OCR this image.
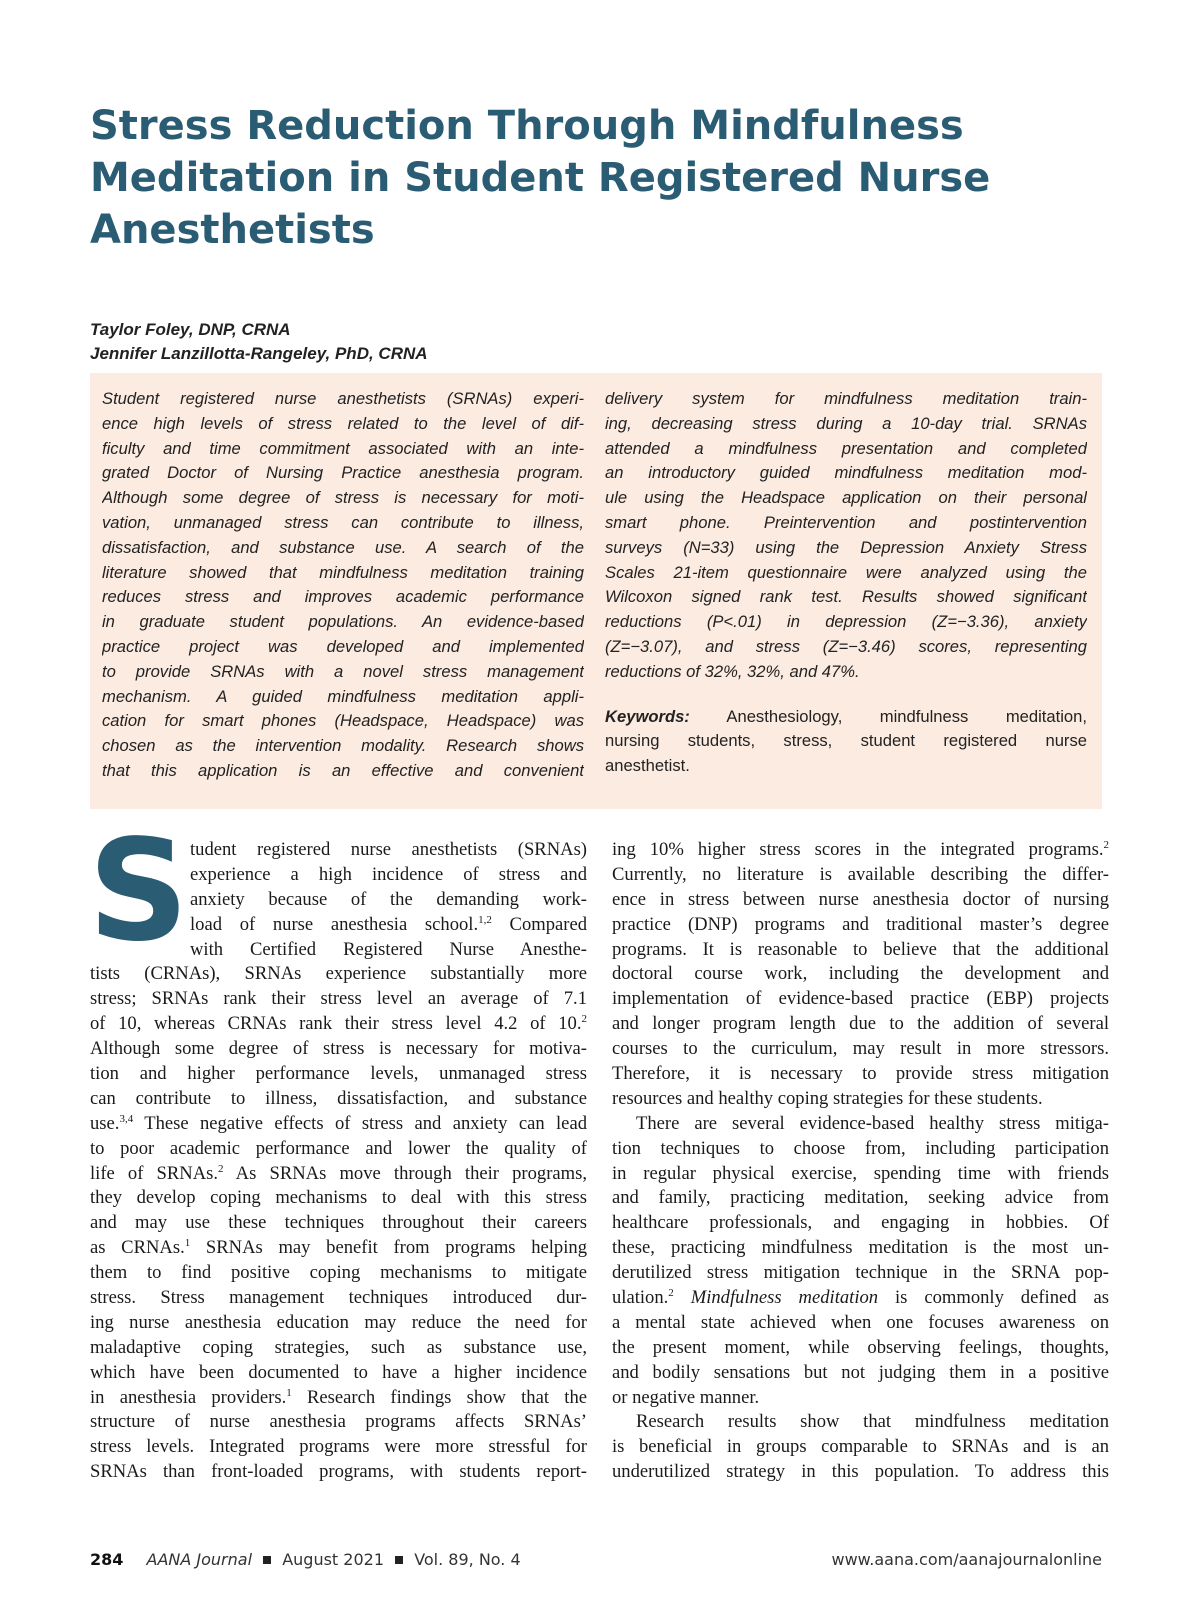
Stress Reduction Through Mindfulness
Meditation in Student Registered Nurse
Anesthetists
Taylor Foley, DNP, CRNA
Jennifer Lanzillotta-Rangeley, PhD, CRNA
Student registered nurse anesthetists (SRNAs) experi-
ence high levels of stress related to the level of dif-
ficulty and time commitment associated with an inte-
grated Doctor of Nursing Practice anesthesia program.
Although some degree of stress is necessary for moti-
vation, unmanaged stress can contribute to illness,
dissatisfaction, and substance use. A search of the
literature showed that mindfulness meditation training
reduces stress and improves academic performance
in graduate student populations. An evidence-based
practice project was developed and implemented
to provide SRNAs with a novel stress management
mechanism. A guided mindfulness meditation appli-
cation for smart phones (Headspace, Headspace) was
chosen as the intervention modality. Research shows
that this application is an effective and convenient
delivery system for mindfulness meditation train-
ing, decreasing stress during a 10-day trial. SRNAs
attended a mindfulness presentation and completed
an introductory guided mindfulness meditation mod-
ule using the Headspace application on their personal
smart phone. Preintervention and postintervention
surveys (N=33) using the Depression Anxiety Stress
Scales 21-item questionnaire were analyzed using the
Wilcoxon signed rank test. Results showed significant
reductions (P<.01) in depression (Z=−3.36), anxiety
(Z=−3.07), and stress (Z=−3.46) scores, representing
reductions of 32%, 32%, and 47%.
Keywords: Anesthesiology, mindfulness meditation,
nursing students, stress, student registered nurse
anesthetist.
S tudent registered nurse anesthetists (SRNAs)
experience a high incidence of stress and
anxiety because of the demanding work-
load of nurse anesthesia school.$^{1,2}$ Compared
with Certified Registered Nurse Anesthe-
tists (CRNAs), SRNAs experience substantially more
stress; SRNAs rank their stress level an average of 7.1
of 10, whereas CRNAs rank their stress level 4.2 of 10.$^2$
Although some degree of stress is necessary for motiva-
tion and higher performance levels, unmanaged stress
can contribute to illness, dissatisfaction, and substance
use.$^{3,4}$ These negative effects of stress and anxiety can lead
to poor academic performance and lower the quality of
life of SRNAs.$^2$ As SRNAs move through their programs,
they develop coping mechanisms to deal with this stress
and may use these techniques throughout their careers
as CRNAs.$^1$ SRNAs may benefit from programs helping
them to find positive coping mechanisms to mitigate
stress. Stress management techniques introduced dur-
ing nurse anesthesia education may reduce the need for
maladaptive coping strategies, such as substance use,
which have been documented to have a higher incidence
in anesthesia providers.$^1$ Research findings show that the
structure of nurse anesthesia programs affects SRNAs’
stress levels. Integrated programs were more stressful for
SRNAs than front-loaded programs, with students report-
ing 10% higher stress scores in the integrated programs.$^2$
Currently, no literature is available describing the differ-
ence in stress between nurse anesthesia doctor of nursing
practice (DNP) programs and traditional master’s degree
programs. It is reasonable to believe that the additional
doctoral course work, including the development and
implementation of evidence-based practice (EBP) projects
and longer program length due to the addition of several
courses to the curriculum, may result in more stressors.
Therefore, it is necessary to provide stress mitigation
resources and healthy coping strategies for these students.
There are several evidence-based healthy stress mitiga-
tion techniques to choose from, including participation
in regular physical exercise, spending time with friends
and family, practicing meditation, seeking advice from
healthcare professionals, and engaging in hobbies. Of
these, practicing mindfulness meditation is the most un-
derutilized stress mitigation technique in the SRNA pop-
ulation.$^2$ Mindfulness meditation is commonly defined as
a mental state achieved when one focuses awareness on
the present moment, while observing feelings, thoughts,
and bodily sensations but not judging them in a positive
or negative manner.
Research results show that mindfulness meditation
is beneficial in groups comparable to SRNAs and is an
underutilized strategy in this population. To address this
284 AANA Journal August 2021 Vol. 89, No. 4	www.aana.com/aanajournalonline
